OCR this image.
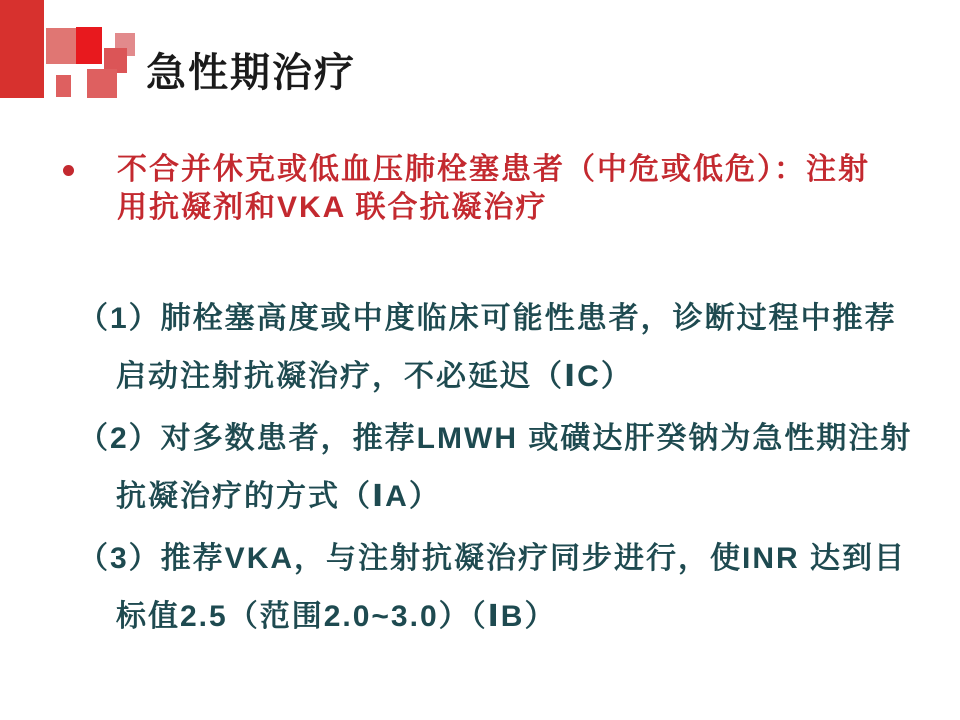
急性期治疗
不合并休克或低血压肺栓塞患者（中危或低危）：注射
用抗凝剂和VKA 联合抗凝治疗
（1）肺栓塞高度或中度临床可能性患者，诊断过程中推荐
启动注射抗凝治疗，不必延迟（ⅠC）
（2）对多数患者，推荐LMWH 或磺达肝癸钠为急性期注射
抗凝治疗的方式（ⅠA）
（3）推荐VKA，与注射抗凝治疗同步进行，使INR 达到目
标值2.5（范围2.0~3.0）（ⅠB）
